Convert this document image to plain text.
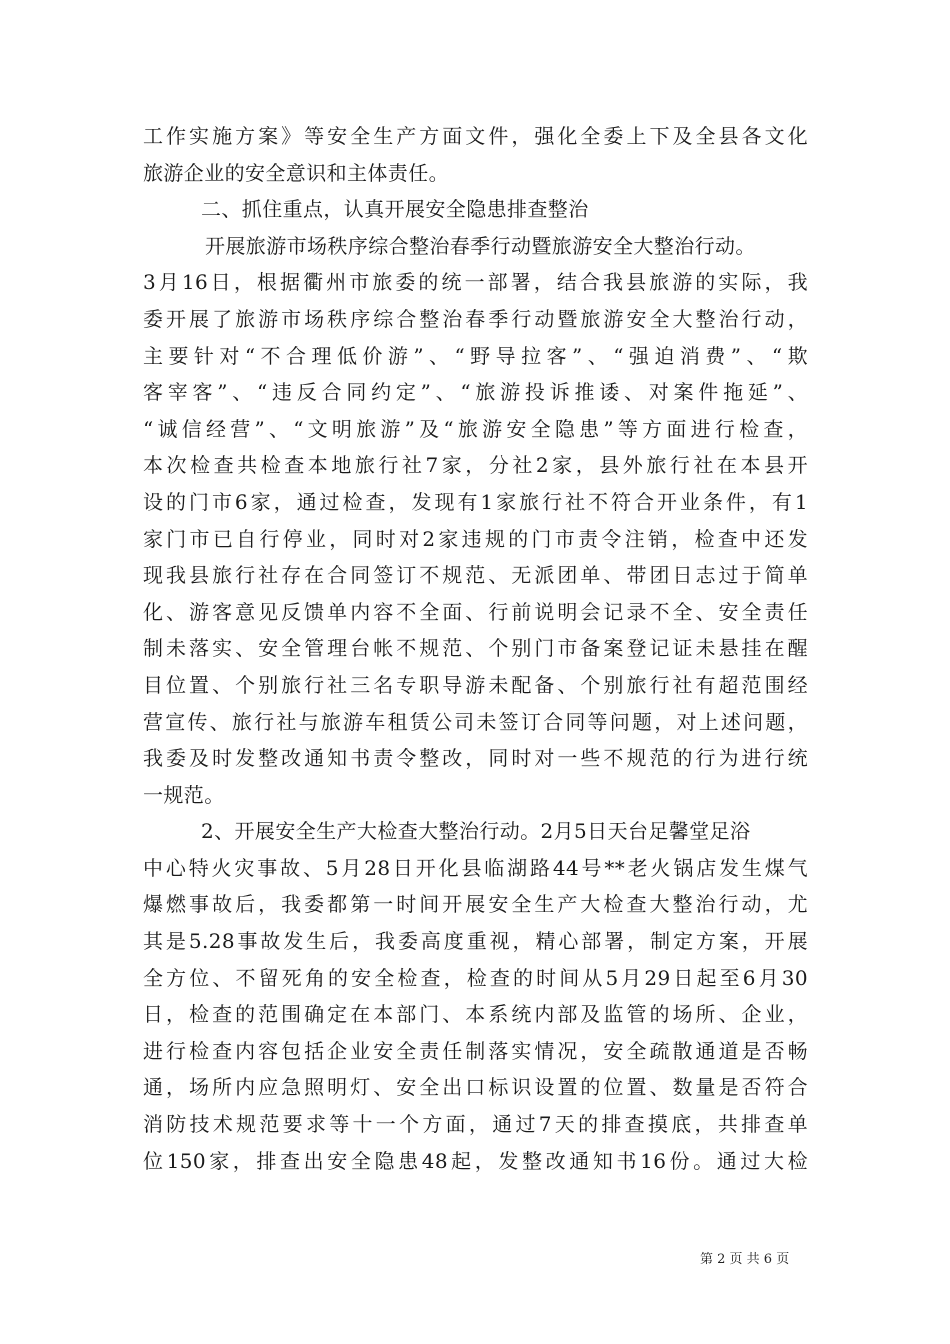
工作实施方案》等安全生产方面文件，强化全委上下及全县各文化
旅游企业的安全意识和主体责任。
二、抓住重点，认真开展安全隐患排查整治
开展旅游市场秩序综合整治春季行动暨旅游安全大整治行动。
3月16日，根据衢州市旅委的统一部署，结合我县旅游的实际，我
委开展了旅游市场秩序综合整治春季行动暨旅游安全大整治行动，
主要针对“不合理低价游”、“野导拉客”、“强迫消费”、“欺
客宰客”、“违反合同约定”、“旅游投诉推诿、对案件拖延”、
“诚信经营”、“文明旅游”及“旅游安全隐患”等方面进行检查，
本次检查共检查本地旅行社7家，分社2家，县外旅行社在本县开
设的门市6家，通过检查，发现有1家旅行社不符合开业条件，有1
家门市已自行停业，同时对2家违规的门市责令注销，检查中还发
现我县旅行社存在合同签订不规范、无派团单、带团日志过于简单
化、游客意见反馈单内容不全面、行前说明会记录不全、安全责任
制未落实、安全管理台帐不规范、个别门市备案登记证未悬挂在醒
目位置、个别旅行社三名专职导游未配备、个别旅行社有超范围经
营宣传、旅行社与旅游车租赁公司未签订合同等问题，对上述问题，
我委及时发整改通知书责令整改，同时对一些不规范的行为进行统
一规范。
2、开展安全生产大检查大整治行动。2月5日天台足馨堂足浴
中心特火灾事故、5月28日开化县临湖路44号**老火锅店发生煤气
爆燃事故后，我委都第一时间开展安全生产大检查大整治行动，尤
其是5.28事故发生后，我委高度重视，精心部署，制定方案，开展
全方位、不留死角的安全检查，检查的时间从5月29日起至6月30
日，检查的范围确定在本部门、本系统内部及监管的场所、企业，
进行检查内容包括企业安全责任制落实情况，安全疏散通道是否畅
通，场所内应急照明灯、安全出口标识设置的位置、数量是否符合
消防技术规范要求等十一个方面，通过7天的排查摸底，共排查单
位150家，排查出安全隐患48起，发整改通知书16份。通过大检
第 2 页 共 6 页
